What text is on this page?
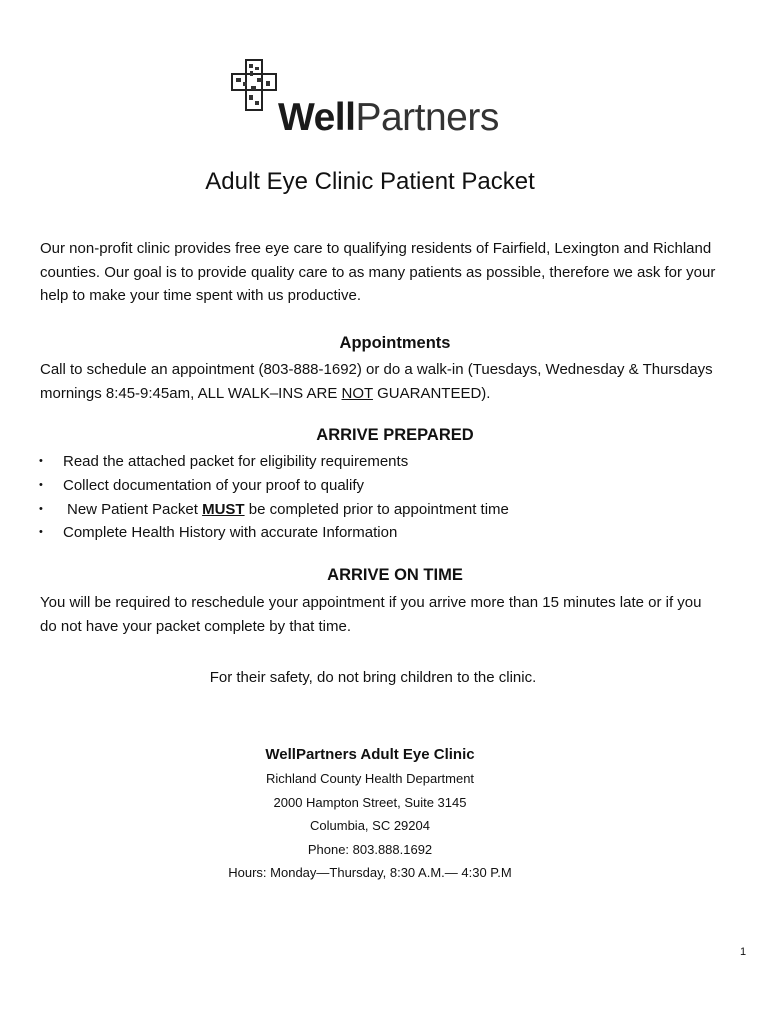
WellPartners
Adult Eye Clinic Patient Packet
Our non-profit clinic provides free eye care to qualifying residents of Fairfield, Lexington and Richland counties. Our goal is to provide quality care to as many patients as possible, therefore we ask for your help to make your time spent with us productive.
Appointments
Call to schedule an appointment (803-888-1692) or do a walk-in (Tuesdays, Wednesday & Thursdays mornings 8:45-9:45am, ALL WALK–INS ARE NOT GUARANTEED).
ARRIVE PREPARED
• Read the attached packet for eligibility requirements
• Collect documentation of your proof to qualify
• New Patient Packet MUST be completed prior to appointment time
• Complete Health History with accurate Information
ARRIVE ON TIME
You will be required to reschedule your appointment if you arrive more than 15 minutes late or if you do not have your packet complete by that time.
For their safety, do not bring children to the clinic.
WellPartners Adult Eye Clinic
Richland County Health Department
2000 Hampton Street, Suite 3145
Columbia, SC 29204
Phone: 803.888.1692
Hours: Monday—Thursday, 8:30 A.M.— 4:30 P.M
1
